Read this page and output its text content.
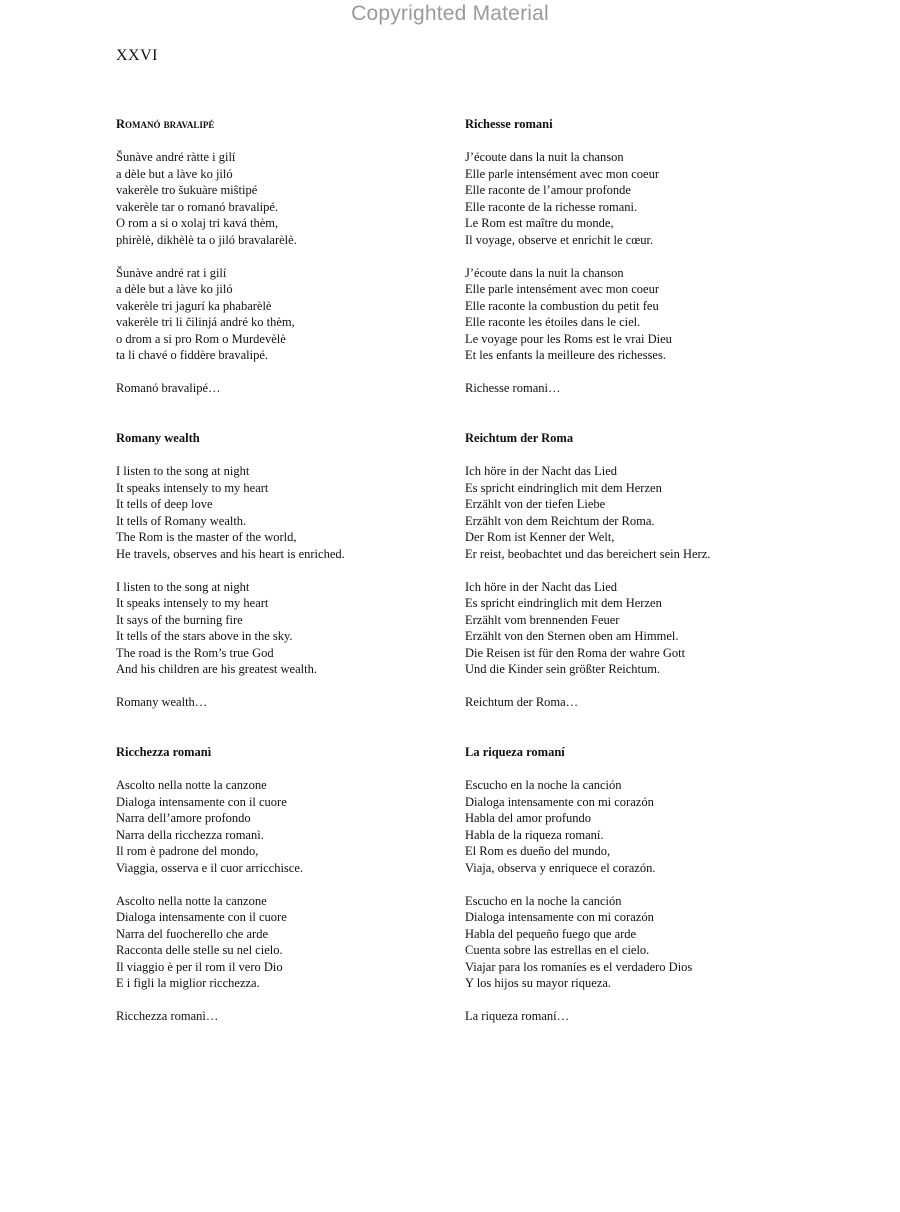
Copyrighted Material
XXVI
Romanó bravalipé
Šunàve andré ràtte i gilí
a dèle but a làve ko jiló
vakerèle tro šukuàre miŝtipé
vakerèle tar o romanó bravalipé.
O rom a si o xolaj tri kavá thèm,
phirèlè, dikhèlè ta o jiló bravalarèlè.
Šunàve andré rat i gilí
a dèle but a làve ko jiló
vakerèle tri jagurí ka phabarèlè
vakerèle tri li čilinjá andré ko thèm,
o drom a si pro Rom o Murdevèlè
ta li chavé o fiddère bravalipé.
Romanó bravalipé…
Romany wealth
I listen to the song at night
It speaks intensely to my heart
It tells of deep love
It tells of Romany wealth.
The Rom is the master of the world,
He travels, observes and his heart is enriched.
I listen to the song at night
It speaks intensely to my heart
It says of the burning fire
It tells of the stars above in the sky.
The road is the Rom’s true God
And his children are his greatest wealth.
Romany wealth…
Ricchezza romanì
Ascolto nella notte la canzone
Dialoga intensamente con il cuore
Narra dell’amore profondo
Narra della ricchezza romanì.
Il rom è padrone del mondo,
Viaggia, osserva e il cuor arricchisce.
Ascolto nella notte la canzone
Dialoga intensamente con il cuore
Narra del fuocherello che arde
Racconta delle stelle su nel cielo.
Il viaggio è per il rom il vero Dio
E i figli la miglior ricchezza.
Ricchezza romanì…
Richesse romani
J’écoute dans la nuit la chanson
Elle parle intensément avec mon coeur
Elle raconte de l’amour profonde
Elle raconte de la richesse romani.
Le Rom est maître du monde,
Il voyage, observe et enrichit le cœur.
J’écoute dans la nuit la chanson
Elle parle intensément avec mon coeur
Elle raconte la combustion du petit feu
Elle raconte les étoiles dans le ciel.
Le voyage pour les Roms est le vrai Dieu
Et les enfants la meilleure des richesses.
Richesse romani…
Reichtum der Roma
Ich höre in der Nacht das Lied
Es spricht eindringlich mit dem Herzen
Erzählt von der tiefen Liebe
Erzählt von dem Reichtum der Roma.
Der Rom ist Kenner der Welt,
Er reist, beobachtet und das bereichert sein Herz.
Ich höre in der Nacht das Lied
Es spricht eindringlich mit dem Herzen
Erzählt vom brennenden Feuer
Erzählt von den Sternen oben am Himmel.
Die Reisen ist für den Roma der wahre Gott
Und die Kinder sein größter Reichtum.
Reichtum der Roma…
La riqueza romaní
Escucho en la noche la canción
Dialoga intensamente con mi corazón
Habla del amor profundo
Habla de la riqueza romaní.
El Rom es dueño del mundo,
Viaja, observa y enriquece el corazón.
Escucho en la noche la canción
Dialoga intensamente con mi corazón
Habla del pequeño fuego que arde
Cuenta sobre las estrellas en el cielo.
Viajar para los romaníes es el verdadero Dios
Y los hijos su mayor riqueza.
La riqueza romaní…
